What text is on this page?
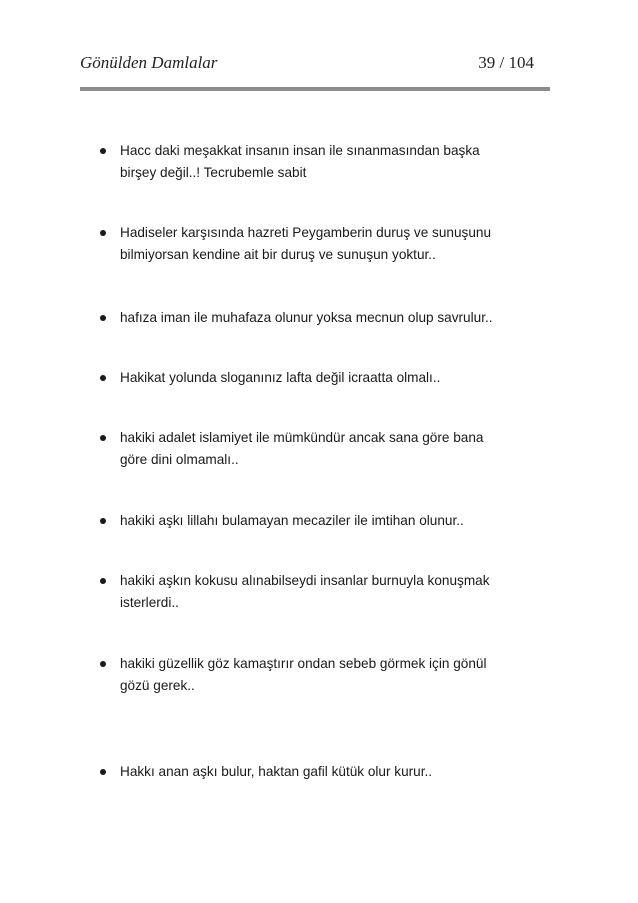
Gönülden Damlalar	39 / 104
Hacc daki meşakkat insanın insan ile sınanmasından başka
birşey değil..! Tecrubemle sabit
Hadiseler karşısında hazreti Peygamberin duruş ve sunuşunu
bilmiyorsan kendine ait bir duruş ve sunuşun yoktur..
hafıza iman ile muhafaza olunur yoksa mecnun olup savrulur..
Hakikat yolunda sloganınız lafta değil icraatta olmalı..
hakiki adalet islamiyet ile mümkündür ancak sana göre bana
göre dini olmamalı..
hakiki aşkı lillahı bulamayan mecaziler ile imtihan olunur..
hakiki aşkın kokusu alınabilseydi insanlar burnuyla konuşmak
isterlerdi..
hakiki güzellik göz kamaştırır ondan sebeb görmek için gönül
gözü gerek..
Hakkı anan aşkı bulur, haktan gafil kütük olur kurur..
